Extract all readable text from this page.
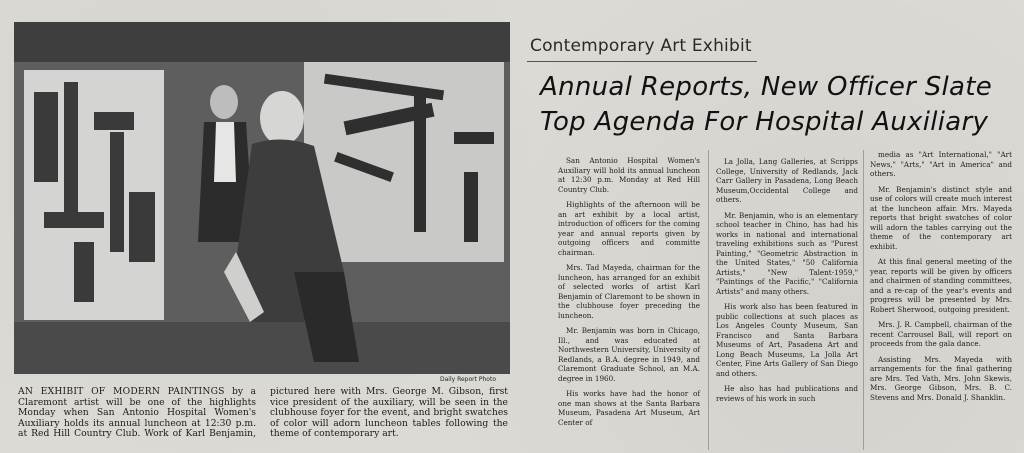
Daily Report Photo
AN EXHIBIT OF MODERN PAINTINGS by a Claremont artist will be one of the highlights Monday when San Antonio Hospital Women's Auxiliary holds its annual luncheon at 12:30 p.m. at Red Hill Country Club. Work of Karl Benjamin, pictured here with Mrs. George M. Gibson, first vice president of the auxiliary, will be seen in the clubhouse foyer for the event, and bright swatches of color will adorn luncheon tables following the theme of contemporary art.
Contemporary Art Exhibit
Annual Reports, New Officer Slate
Top Agenda For Hospital Auxiliary

San Antonio Hospital Women's Auxiliary will hold its annual luncheon at 12:30 p.m. Monday at Red Hill Country Club.

Highlights of the afternoon will be an art exhibit by a local artist, introduction of officers for the coming year and annual reports given by outgoing officers and committe chairman.

Mrs. Tad Mayeda, chairman for the luncheon, has arranged for an exhibit of selected works of artist Karl Benjamin of Claremont to be shown in the clubhouse foyer preceding the luncheon.

Mr. Benjamin was born in Chicago, Ill., and was educated at Northwestern University, University of Redlands, a B.A. degree in 1949, and Claremont Graduate School, an M.A. degree in 1960.

His works have had the honor of one man shows at the Santa Barbara Museum, Pasadena Art Museum, Art Center of

La Jolla, Lang Galleries, at Scripps College, University of Redlands, Jack Carr Gallery in Pasadena, Long Beach Museum,Occidental College and others.

Mr. Benjamin, who is an elementary school teacher in Chino, has had his works in national and international traveling exhibitions such as "Purest Painting," "Geometric Abstraction in the United States," "50 California Artists," "New Talent-1959," "Paintings of the Pacific," "California Artists" and many others.

His work also has been featured in public collections at such places as Los Angeles County Museum, San Francisco and Santa Barbara Museums of Art, Pasadena Art and Long Beach Museums, La Jolla Art Center, Fine Arts Gallery of San Diego and others.

He also has had publications and reviews of his work in such

media as "Art International," "Art News," "Arts," "Art in America" and others.

Mr. Benjamin's distinct style and use of colors will create much interest at the luncheon affair. Mrs. Mayeda reports that bright swatches of color will adorn the tables carrying out the theme of the contemporary art exhibit.

At this final general meeting of the year, reports will be given by officers and chairmen of standing committees, and a re-cap of the year's events and progress will be presented by Mrs. Robert Sherwood, outgoing president.

Mrs. J. R. Campbell, chairman of the recent Carrousel Ball, will report on proceeds from the gala dance.

Assisting Mrs. Mayeda with arrangements for the final gathering are Mrs. Ted Vath, Mrs. John Skewis, Mrs. George Gibson, Mrs. B. C. Stevens and Mrs. Donald J. Shanklin.
